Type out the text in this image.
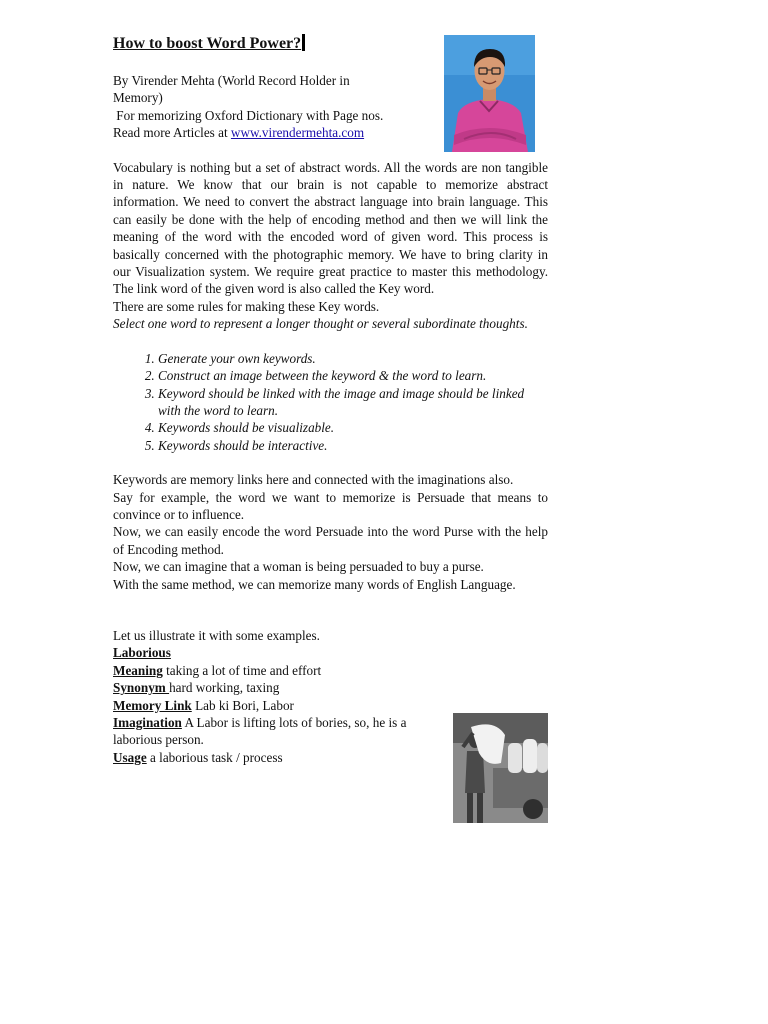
How to boost Word Power?
By Virender Mehta (World Record Holder in
Memory)
For memorizing Oxford Dictionary with Page nos.
Read more Articles at www.virendermehta.com
Vocabulary is nothing but a set of abstract words. All the words are non tangible in nature. We know that our brain is not capable to memorize abstract information. We need to convert the abstract language into brain language. This can easily be done with the help of encoding method and then we will link the meaning of the word with the encoded word of given word. This process is basically concerned with the photographic memory. We have to bring clarity in our Visualization system. We require great practice to master this methodology. The link word of the given word is also called the Key word.
There are some rules for making these Key words.
Select one word to represent a longer thought or several subordinate thoughts.
1. Generate your own keywords.
2. Construct an image between the keyword & the word to learn.
3. Keyword should be linked with the image and image should be linked with the word to learn.
4. Keywords should be visualizable.
5. Keywords should be interactive.
Keywords are memory links here and connected with the imaginations also.
Say for example, the word we want to memorize is Persuade that means to convince or to influence.
Now, we can easily encode the word Persuade into the word Purse with the help of Encoding method.
Now, we can imagine that a woman is being persuaded to buy a purse.
With the same method, we can memorize many words of English Language.
Let us illustrate it with some examples.
Laborious
Meaning taking a lot of time and effort
Synonym hard working, taxing
Memory Link Lab ki Bori, Labor
Imagination A Labor is lifting lots of bories, so, he is a laborious person.
Usage a laborious task / process
